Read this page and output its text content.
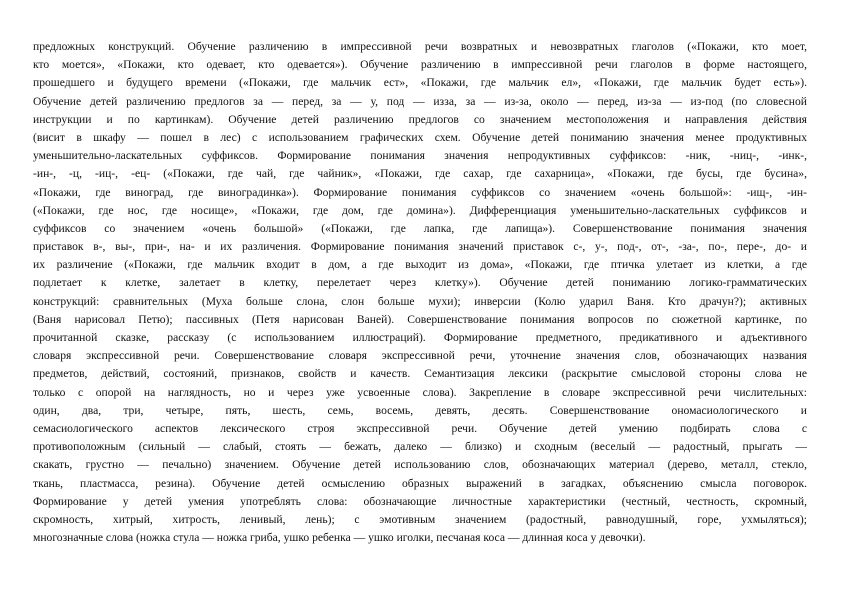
предложных конструкций. Обучение различению в импрессивной речи возвратных и невозвратных глаголов («Покажи, кто моет,
кто моется», «Покажи, кто одевает, кто одевается»). Обучение различению в импрессивной речи глаголов в форме настоящего,
прошедшего и будущего времени («Покажи, где мальчик ест», «Покажи, где мальчик ел», «Покажи, где мальчик будет есть»).
Обучение детей различению предлогов за — перед, за — у, под — изза, за — из-за, около — перед, из-за — из-под (по словесной
инструкции и по картинкам). Обучение детей различению предлогов со значением местоположения и направления действия
(висит в шкафу — пошел в лес) с использованием графических схем. Обучение детей пониманию значения менее продуктивных
уменьшительно-ласкательных суффиксов. Формирование понимания значения непродуктивных суффиксов: -ник, -ниц-, -инк-,
-ин-, -ц, -иц-, -ец- («Покажи, где чай, где чайник», «Покажи, где сахар, где сахарница», «Покажи, где бусы, где бусина»,
«Покажи, где виноград, где виноградинка»). Формирование понимания суффиксов со значением «очень большой»: -ищ-, -ин-
(«Покажи, где нос, где носище», «Покажи, где дом, где домина»). Дифференциация уменьшительно-ласкательных суффиксов и
суффиксов со значением «очень большой» («Покажи, где лапка, где лапища»). Совершенствование понимания значения
приставок в-, вы-, при-, на- и их различения. Формирование понимания значений приставок с-, у-, под-, от-, -за-, по-, пере-, до- и
их различение («Покажи, где мальчик входит в дом, а где выходит из дома», «Покажи, где птичка улетает из клетки, а где
подлетает к клетке, залетает в клетку, перелетает через клетку»). Обучение детей пониманию логико-грамматических
конструкций: сравнительных (Муха больше слона, слон больше мухи); инверсии (Колю ударил Ваня. Кто драчун?); активных
(Ваня нарисовал Петю); пассивных (Петя нарисован Ваней). Совершенствование понимания вопросов по сюжетной картинке, по
прочитанной сказке, рассказу (с использованием иллюстраций). Формирование предметного, предикативного и адъективного
словаря экспрессивной речи. Совершенствование словаря экспрессивной речи, уточнение значения слов, обозначающих названия
предметов, действий, состояний, признаков, свойств и качеств. Семантизация лексики (раскрытие смысловой стороны слова не
только с опорой на наглядность, но и через уже усвоенные слова). Закрепление в словаре экспрессивной речи числительных:
один, два, три, четыре, пять, шесть, семь, восемь, девять, десять. Совершенствование ономасиологического и
семасиологического аспектов лексического строя экспрессивной речи. Обучение детей умению подбирать слова с
противоположным (сильный — слабый, стоять — бежать, далеко — близко) и сходным (веселый — радостный, прыгать —
скакать, грустно — печально) значением. Обучение детей использованию слов, обозначающих материал (дерево, металл, стекло,
ткань, пластмасса, резина). Обучение детей осмыслению образных выражений в загадках, объяснению смысла поговорок.
Формирование у детей умения употреблять слова: обозначающие личностные характеристики (честный, честность, скромный,
скромность, хитрый, хитрость, ленивый, лень); с эмотивным значением (радостный, равнодушный, горе, ухмыляться);
многозначные слова (ножка стула — ножка гриба, ушко ребенка — ушко иголки, песчаная коса — длинная коса у девочки).
